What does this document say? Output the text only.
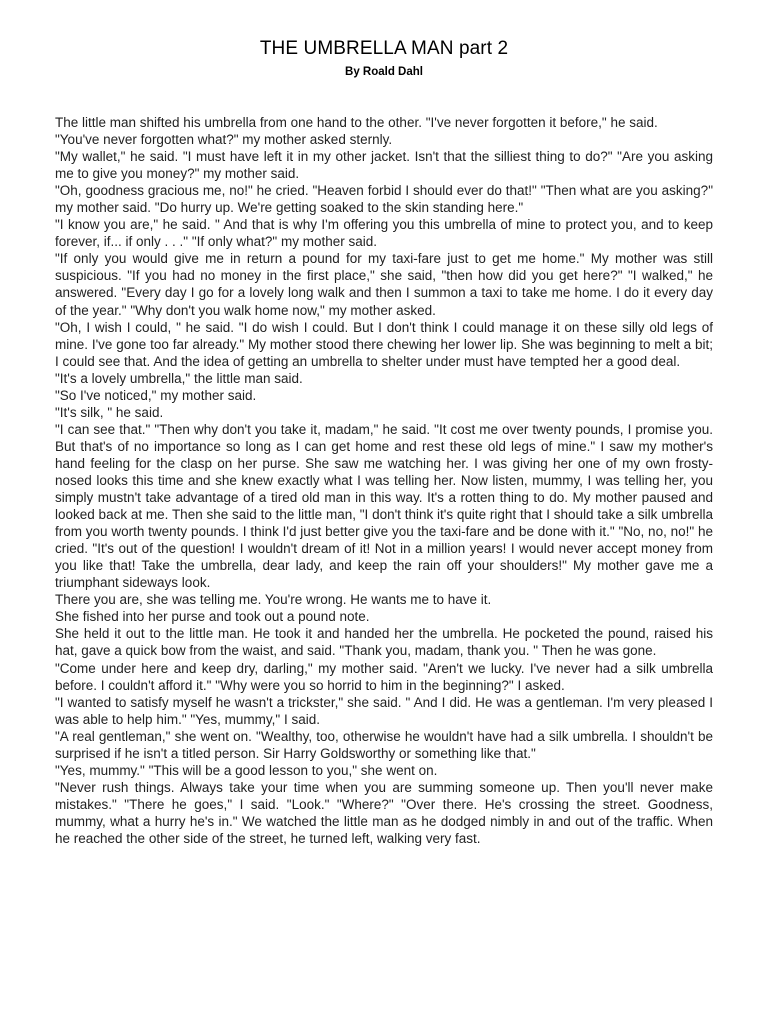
THE UMBRELLA MAN part 2
By Roald Dahl

The little man shifted his umbrella from one hand to the other. "I've never forgotten it before," he said.

"You've never forgotten what?" my mother asked sternly.

"My wallet," he said. "I must have left it in my other jacket. Isn't that the silliest thing to do?" "Are you asking me to give you money?" my mother said.

"Oh, goodness gracious me, no!" he cried. "Heaven forbid I should ever do that!" "Then what are you asking?" my mother said. "Do hurry up. We're getting soaked to the skin standing here."

"I know you are," he said. " And that is why I'm offering you this umbrella of mine to protect you, and to keep forever, if... if only . . ." "If only what?" my mother said.

"If only you would give me in return a pound for my taxi-fare just to get me home." My mother was still suspicious. "If you had no money in the first place," she said, "then how did you get here?" "I walked," he answered. "Every day I go for a lovely long walk and then I summon a taxi to take me home. I do it every day of the year." "Why don't you walk home now," my mother asked.

"Oh, I wish I could, " he said. "I do wish I could. But I don't think I could manage it on these silly old legs of mine. I've gone too far already." My mother stood there chewing her lower lip. She was beginning to melt a bit; I could see that. And the idea of getting an umbrella to shelter under must have tempted her a good deal.

"It's a lovely umbrella," the little man said.

"So I've noticed," my mother said.

"It's silk, " he said.

"I can see that." "Then why don't you take it, madam," he said. "It cost me over twenty pounds, I promise you. But that's of no importance so long as I can get home and rest these old legs of mine." I saw my mother's hand feeling for the clasp on her purse. She saw me watching her. I was giving her one of my own frosty-nosed looks this time and she knew exactly what I was telling her. Now listen, mummy, I was telling her, you simply mustn't take advantage of a tired old man in this way. It's a rotten thing to do. My mother paused and looked back at me. Then she said to the little man, "I don't think it's quite right that I should take a silk umbrella from you worth twenty pounds. I think I'd just better give you the taxi-fare and be done with it." "No, no, no!" he cried. "It's out of the question! I wouldn't dream of it! Not in a million years! I would never accept money from you like that! Take the umbrella, dear lady, and keep the rain off your shoulders!" My mother gave me a triumphant sideways look.

There you are, she was telling me. You're wrong. He wants me to have it.

She fished into her purse and took out a pound note.

She held it out to the little man. He took it and handed her the umbrella. He pocketed the pound, raised his hat, gave a quick bow from the waist, and said. "Thank you, madam, thank you. " Then he was gone.

"Come under here and keep dry, darling," my mother said. "Aren't we lucky. I've never had a silk umbrella before. I couldn't afford it." "Why were you so horrid to him in the beginning?" I asked.

"I wanted to satisfy myself he wasn't a trickster," she said. " And I did. He was a gentleman. I'm very pleased I was able to help him." "Yes, mummy," I said.

"A real gentleman," she went on. "Wealthy, too, otherwise he wouldn't have had a silk umbrella. I shouldn't be surprised if he isn't a titled person. Sir Harry Goldsworthy or something like that."

"Yes, mummy." "This will be a good lesson to you," she went on.

"Never rush things. Always take your time when you are summing someone up. Then you'll never make mistakes." "There he goes," I said. "Look." "Where?" "Over there. He's crossing the street. Goodness, mummy, what a hurry he's in." We watched the little man as he dodged nimbly in and out of the traffic. When he reached the other side of the street, he turned left, walking very fast.
